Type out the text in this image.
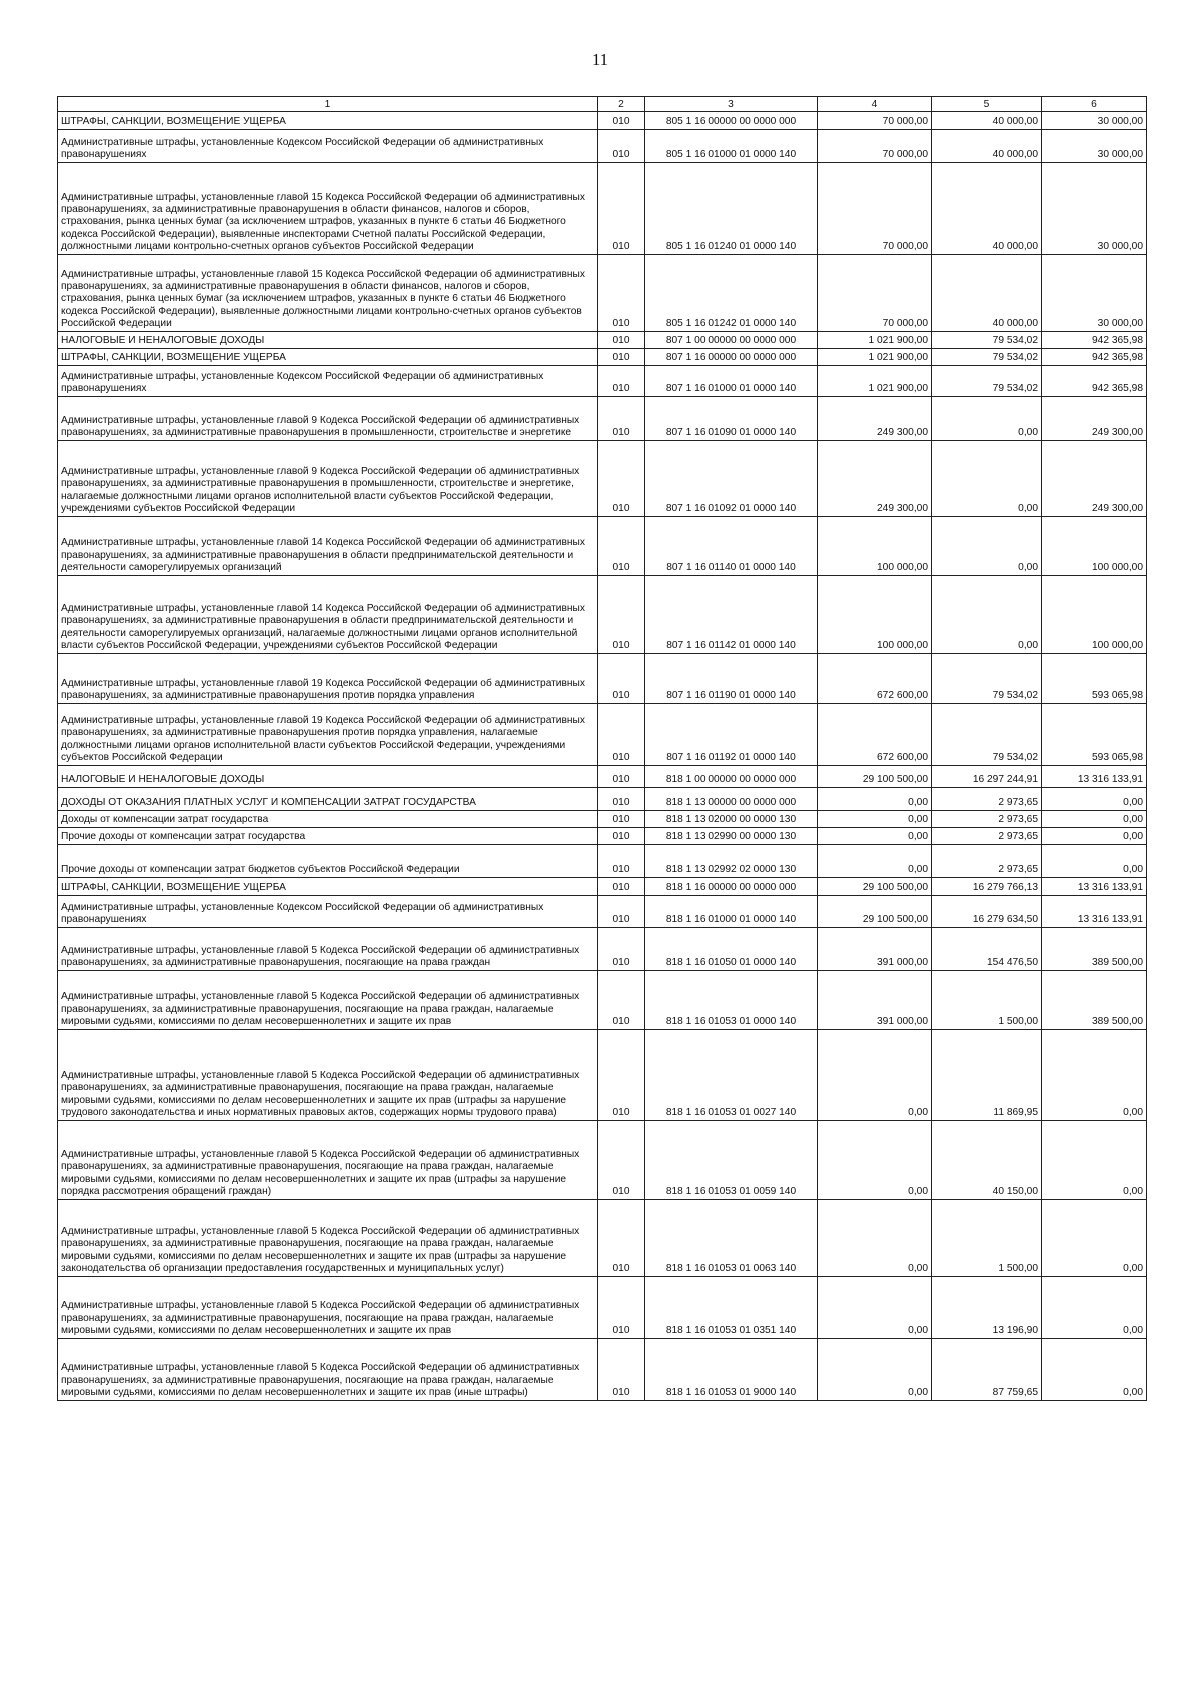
11
1	2	3	4	5	6
ШТРАФЫ, САНКЦИИ, ВОЗМЕЩЕНИЕ УЩЕРБА	010	805 1 16 00000 00 0000 000	70 000,00	40 000,00	30 000,00
Административные штрафы, установленные Кодексом Российской Федерации об административных правонарушениях	010	805 1 16 01000 01 0000 140	70 000,00	40 000,00	30 000,00
Административные штрафы, установленные главой 15 Кодекса Российской Федерации об административных правонарушениях, за административные правонарушения в области финансов, налогов и сборов, страхования, рынка ценных бумаг (за исключением штрафов, указанных в пункте 6 статьи 46 Бюджетного кодекса Российской Федерации), выявленные инспекторами Счетной палаты Российской Федерации, должностными лицами контрольно-счетных органов субъектов Российской Федерации	010	805 1 16 01240 01 0000 140	70 000,00	40 000,00	30 000,00
Административные штрафы, установленные главой 15 Кодекса Российской Федерации об административных правонарушениях, за административные правонарушения в области финансов, налогов и сборов, страхования, рынка ценных бумаг (за исключением штрафов, указанных в пункте 6 статьи 46 Бюджетного кодекса Российской Федерации), выявленные должностными лицами контрольно-счетных органов субъектов Российской Федерации	010	805 1 16 01242 01 0000 140	70 000,00	40 000,00	30 000,00
НАЛОГОВЫЕ И НЕНАЛОГОВЫЕ ДОХОДЫ	010	807 1 00 00000 00 0000 000	1 021 900,00	79 534,02	942 365,98
ШТРАФЫ, САНКЦИИ, ВОЗМЕЩЕНИЕ УЩЕРБА	010	807 1 16 00000 00 0000 000	1 021 900,00	79 534,02	942 365,98
Административные штрафы, установленные Кодексом Российской Федерации об административных правонарушениях	010	807 1 16 01000 01 0000 140	1 021 900,00	79 534,02	942 365,98
Административные штрафы, установленные главой 9 Кодекса Российской Федерации об административных правонарушениях, за административные правонарушения в промышленности, строительстве и энергетике	010	807 1 16 01090 01 0000 140	249 300,00	0,00	249 300,00
Административные штрафы, установленные главой 9 Кодекса Российской Федерации об административных правонарушениях, за административные правонарушения в промышленности, строительстве и энергетике, налагаемые должностными лицами органов исполнительной власти субъектов Российской Федерации, учреждениями субъектов Российской Федерации	010	807 1 16 01092 01 0000 140	249 300,00	0,00	249 300,00
Административные штрафы, установленные главой 14 Кодекса Российской Федерации об административных правонарушениях, за административные правонарушения в области предпринимательской деятельности и деятельности саморегулируемых организаций	010	807 1 16 01140 01 0000 140	100 000,00	0,00	100 000,00
Административные штрафы, установленные главой 14 Кодекса Российской Федерации об административных правонарушениях, за административные правонарушения в области предпринимательской деятельности и деятельности саморегулируемых организаций, налагаемые должностными лицами органов исполнительной власти субъектов Российской Федерации, учреждениями субъектов Российской Федерации	010	807 1 16 01142 01 0000 140	100 000,00	0,00	100 000,00
Административные штрафы, установленные главой 19 Кодекса Российской Федерации об административных правонарушениях, за административные правонарушения против порядка управления	010	807 1 16 01190 01 0000 140	672 600,00	79 534,02	593 065,98
Административные штрафы, установленные главой 19 Кодекса Российской Федерации об административных правонарушениях, за административные правонарушения против порядка управления, налагаемые должностными лицами органов исполнительной власти субъектов Российской Федерации, учреждениями субъектов Российской Федерации	010	807 1 16 01192 01 0000 140	672 600,00	79 534,02	593 065,98
НАЛОГОВЫЕ И НЕНАЛОГОВЫЕ ДОХОДЫ	010	818 1 00 00000 00 0000 000	29 100 500,00	16 297 244,91	13 316 133,91
ДОХОДЫ ОТ ОКАЗАНИЯ ПЛАТНЫХ УСЛУГ И КОМПЕНСАЦИИ ЗАТРАТ ГОСУДАРСТВА	010	818 1 13 00000 00 0000 000	0,00	2 973,65	0,00
Доходы от компенсации затрат государства	010	818 1 13 02000 00 0000 130	0,00	2 973,65	0,00
Прочие доходы от компенсации затрат государства	010	818 1 13 02990 00 0000 130	0,00	2 973,65	0,00
Прочие доходы от компенсации затрат бюджетов субъектов Российской Федерации	010	818 1 13 02992 02 0000 130	0,00	2 973,65	0,00
ШТРАФЫ, САНКЦИИ, ВОЗМЕЩЕНИЕ УЩЕРБА	010	818 1 16 00000 00 0000 000	29 100 500,00	16 279 766,13	13 316 133,91
Административные штрафы, установленные Кодексом Российской Федерации об административных правонарушениях	010	818 1 16 01000 01 0000 140	29 100 500,00	16 279 634,50	13 316 133,91
Административные штрафы, установленные главой 5 Кодекса Российской Федерации об административных правонарушениях, за административные правонарушения, посягающие на права граждан	010	818 1 16 01050 01 0000 140	391 000,00	154 476,50	389 500,00
Административные штрафы, установленные главой 5 Кодекса Российской Федерации об административных правонарушениях, за административные правонарушения, посягающие на права граждан, налагаемые мировыми судьями, комиссиями по делам несовершеннолетних и защите их прав	010	818 1 16 01053 01 0000 140	391 000,00	1 500,00	389 500,00
Административные штрафы, установленные главой 5 Кодекса Российской Федерации об административных правонарушениях, за административные правонарушения, посягающие на права граждан, налагаемые мировыми судьями, комиссиями по делам несовершеннолетних и защите их прав (штрафы за нарушение трудового законодательства и иных нормативных правовых актов, содержащих нормы трудового права)	010	818 1 16 01053 01 0027 140	0,00	11 869,95	0,00
Административные штрафы, установленные главой 5 Кодекса Российской Федерации об административных правонарушениях, за административные правонарушения, посягающие на права граждан, налагаемые мировыми судьями, комиссиями по делам несовершеннолетних и защите их прав (штрафы за нарушение порядка рассмотрения обращений граждан)	010	818 1 16 01053 01 0059 140	0,00	40 150,00	0,00
Административные штрафы, установленные главой 5 Кодекса Российской Федерации об административных правонарушениях, за административные правонарушения, посягающие на права граждан, налагаемые мировыми судьями, комиссиями по делам несовершеннолетних и защите их прав (штрафы за нарушение законодательства об организации предоставления государственных и муниципальных услуг)	010	818 1 16 01053 01 0063 140	0,00	1 500,00	0,00
Административные штрафы, установленные главой 5 Кодекса Российской Федерации об административных правонарушениях, за административные правонарушения, посягающие на права граждан, налагаемые мировыми судьями, комиссиями по делам несовершеннолетних и защите их прав	010	818 1 16 01053 01 0351 140	0,00	13 196,90	0,00
Административные штрафы, установленные главой 5 Кодекса Российской Федерации об административных правонарушениях, за административные правонарушения, посягающие на права граждан, налагаемые мировыми судьями, комиссиями по делам несовершеннолетних и защите их прав (иные штрафы)	010	818 1 16 01053 01 9000 140	0,00	87 759,65	0,00
